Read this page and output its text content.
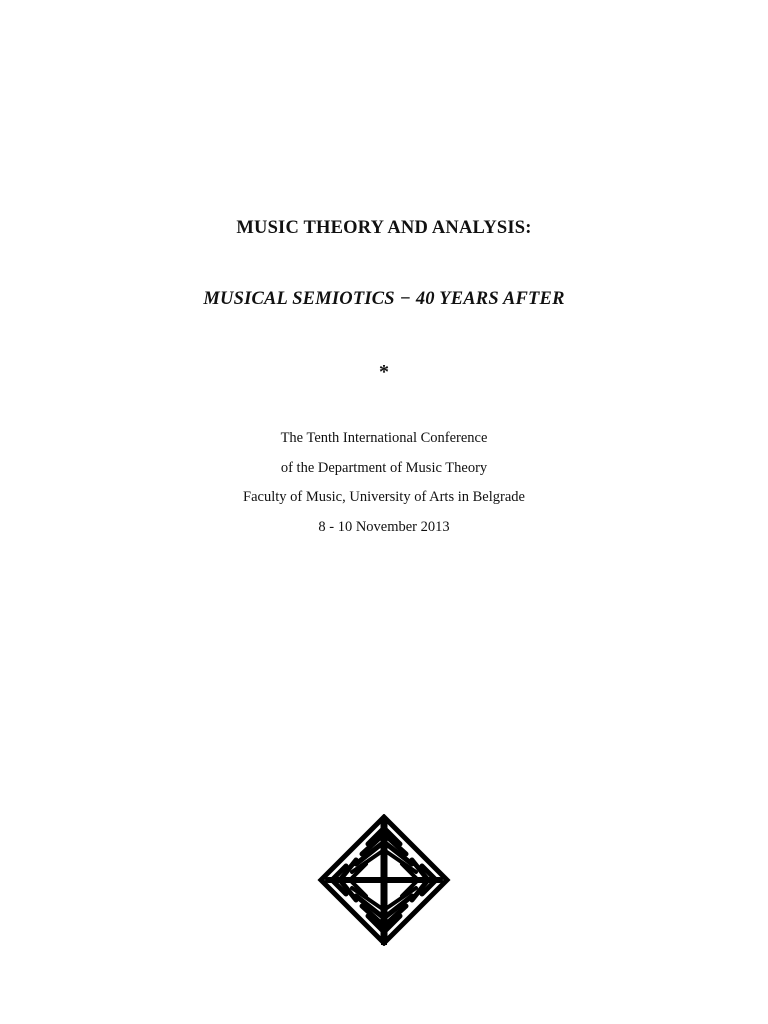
MUSIC THEORY AND ANALYSIS:
MUSICAL SEMIOTICS − 40 YEARS AFTER
*
The Tenth International Conference
of the Department of Music Theory
Faculty of Music, University of Arts in Belgrade
8 - 10 November 2013
